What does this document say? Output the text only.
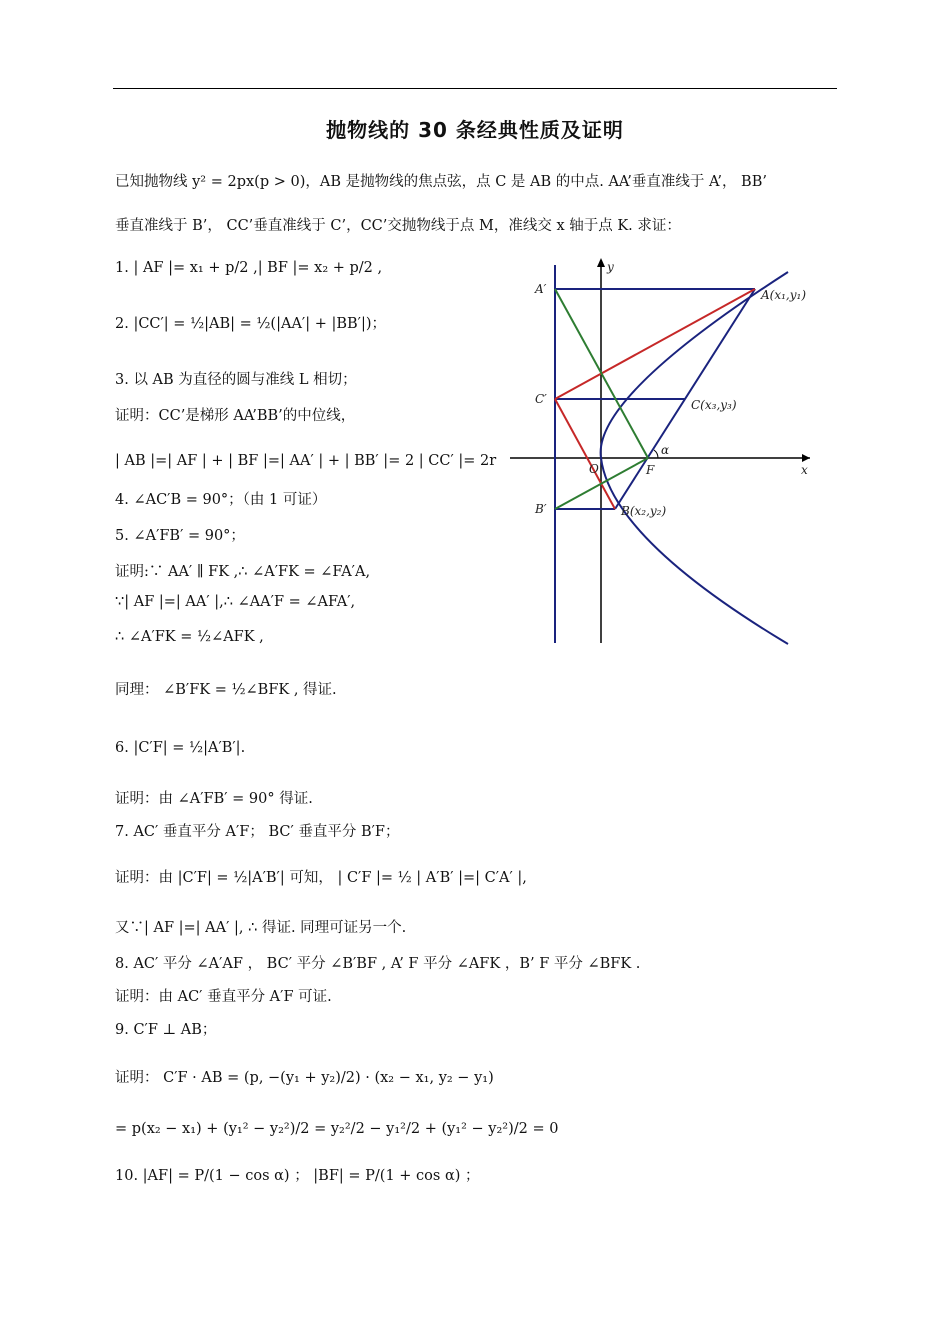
抛物线的 30 条经典性质及证明
已知抛物线 y² = 2px(p > 0)，AB 是抛物线的焦点弦，点 C 是 AB 的中点. AA’垂直准线于 A’， BB’
垂直准线于 B’， CC’垂直准线于 C’，CC’交抛物线于点 M，准线交 x 轴于点 K. 求证：
1. | AF |= x₁ + p/2 ,| BF |= x₂ + p/2 ,
2. |CC′| = ½|AB| = ½(|AA′| + |BB′|)；
3. 以 AB 为直径的圆与准线 L 相切；
证明：CC’是梯形 AA’BB’的中位线，
| AB |=| AF | + | BF |=| AA′ | + | BB′ |= 2 | CC′ |= 2r
4. ∠AC′B = 90°；（由 1 可证）
5. ∠A′FB′ = 90°；
证明:∵ AA′ ∥ FK ,∴ ∠A′FK = ∠FA′A,
∵| AF |=| AA′ |,∴ ∠AA′F = ∠AFA′,
∴ ∠A′FK = ½∠AFK ,
同理： ∠B′FK = ½∠BFK , 得证.
6. |C′F| = ½|A′B′|.
证明：由 ∠A′FB′ = 90° 得证.
7. AC′ 垂直平分 A′F； BC′ 垂直平分 B′F；
证明：由 |C′F| = ½|A′B′| 可知， | C′F |= ½ | A′B′ |=| C′A′ |,
又∵| AF |=| AA′ |, ∴ 得证. 同理可证另一个.
8. AC′ 平分 ∠A′AF ， BC′ 平分 ∠B′BF , A’ F 平分 ∠AFK ，B’ F 平分 ∠BFK .
证明：由 AC′ 垂直平分 A′F 可证.
9. C′F ⊥ AB；
证明： C′F · AB = (p, −(y₁ + y₂)/2) · (x₂ − x₁, y₂ − y₁)
= p(x₂ − x₁) + (y₁² − y₂²)/2 = y₂²/2 − y₁²/2 + (y₁² − y₂²)/2 = 0
10. |AF| = P/(1 − cos α) ； |BF| = P/(1 + cos α) ；
y
x
A′
C′
B′
A(x₁,y₁)
C(x₃,y₃)
B(x₂,y₂)
O	F
α
